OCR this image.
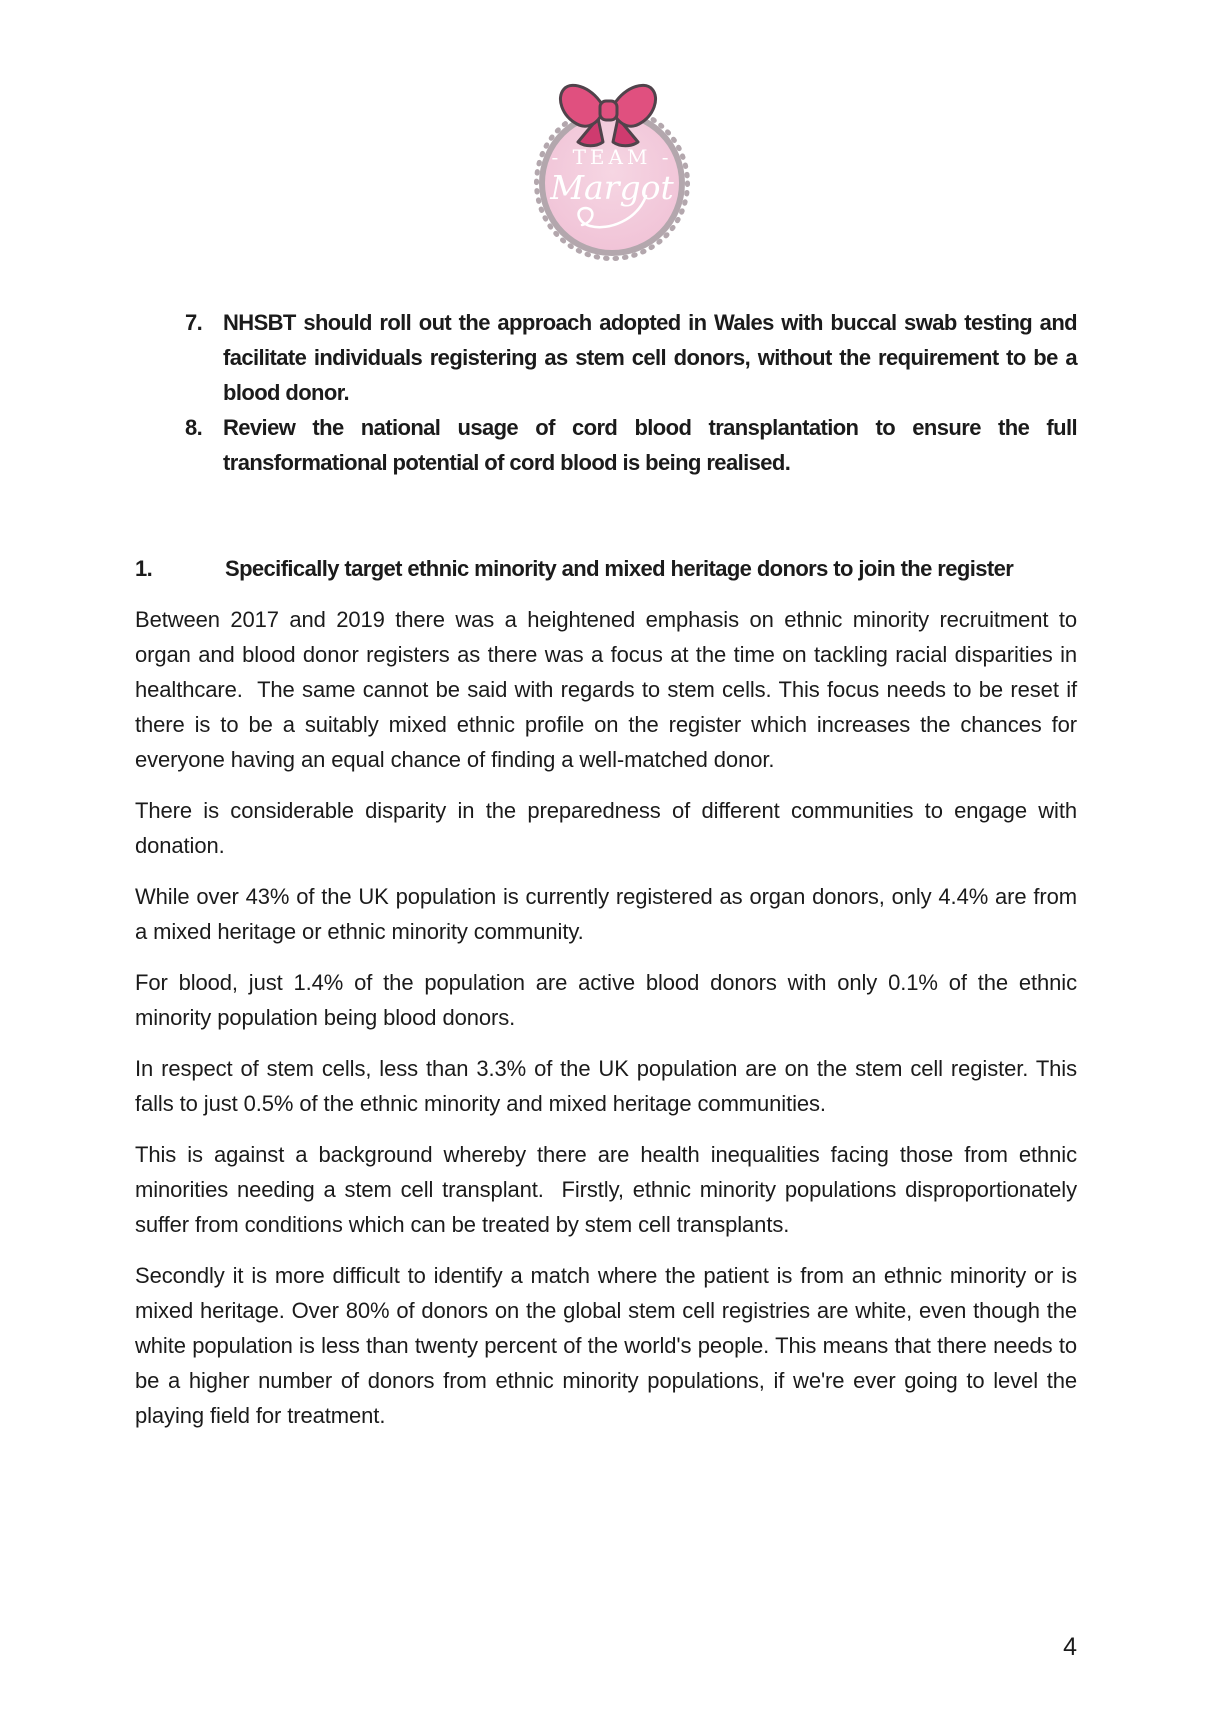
- TEAM -
Margot
7. NHSBT should roll out the approach adopted in Wales with buccal swab testing and facilitate individuals registering as stem cell donors, without the requirement to be a blood donor.
8. Review the national usage of cord blood transplantation to ensure the full transformational potential of cord blood is being realised.
1.	Specifically target ethnic minority and mixed heritage donors to join the register

Between 2017 and 2019 there was a heightened emphasis on ethnic minority recruitment to organ and blood donor registers as there was a focus at the time on tackling racial disparities in healthcare.  The same cannot be said with regards to stem cells. This focus needs to be reset if there is to be a suitably mixed ethnic profile on the register which increases the chances for everyone having an equal chance of finding a well-matched donor.

There is considerable disparity in the preparedness of different communities to engage with donation.

While over 43% of the UK population is currently registered as organ donors, only 4.4% are from a mixed heritage or ethnic minority community.

For blood, just 1.4% of the population are active blood donors with only 0.1% of the ethnic minority population being blood donors.

In respect of stem cells, less than 3.3% of the UK population are on the stem cell register. This falls to just 0.5% of the ethnic minority and mixed heritage communities.

This is against a background whereby there are health inequalities facing those from ethnic minorities needing a stem cell transplant.  Firstly, ethnic minority populations disproportionately suffer from conditions which can be treated by stem cell transplants.

Secondly it is more difficult to identify a match where the patient is from an ethnic minority or is mixed heritage. Over 80% of donors on the global stem cell registries are white, even though the white population is less than twenty percent of the world's people. This means that there needs to be a higher number of donors from ethnic minority populations, if we're ever going to level the playing field for treatment.

4
